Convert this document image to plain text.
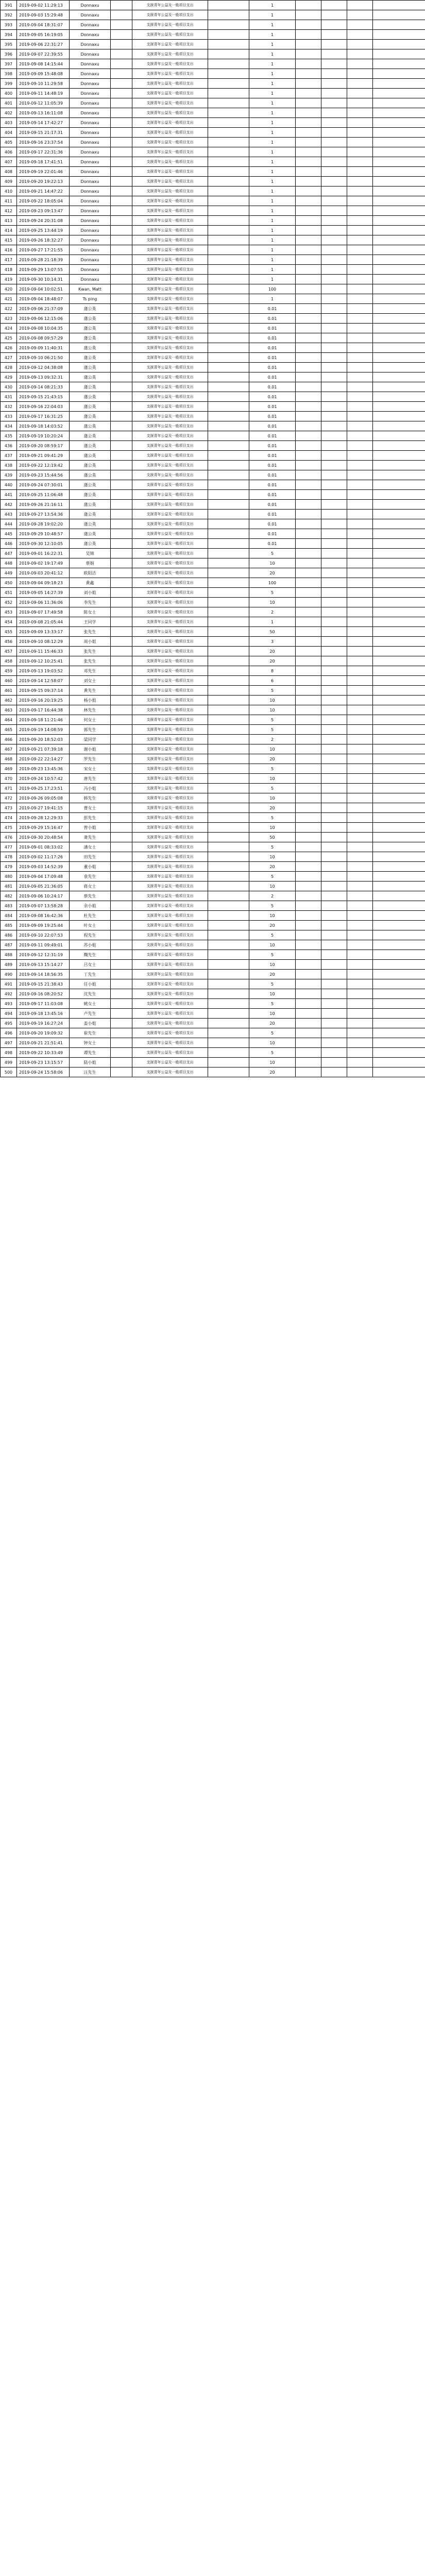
391	2019-09-02 11:29:13	Donnaxu		支援青年公益及一般项目支出		1				
392	2019-09-03 15:29:48	Donnaxu		支援青年公益及一般项目支出		1				
393	2019-09-04 18:31:07	Donnaxu		支援青年公益及一般项目支出		1				
394	2019-09-05 16:19:05	Donnaxu		支援青年公益及一般项目支出		1				
395	2019-09-06 22:31:27	Donnaxu		支援青年公益及一般项目支出		1				
396	2019-09-07 22:39:55	Donnaxu		支援青年公益及一般项目支出		1				
397	2019-09-08 14:15:44	Donnaxu		支援青年公益及一般项目支出		1				
398	2019-09-09 15:48:08	Donnaxu		支援青年公益及一般项目支出		1				
399	2019-09-10 11:29:58	Donnaxu		支援青年公益及一般项目支出		1				
400	2019-09-11 14:48:19	Donnaxu		支援青年公益及一般项目支出		1				
401	2019-09-12 11:05:39	Donnaxu		支援青年公益及一般项目支出		1				
402	2019-09-13 16:11:08	Donnaxu		支援青年公益及一般项目支出		1				
403	2019-09-14 17:42:27	Donnaxu		支援青年公益及一般项目支出		1				
404	2019-09-15 21:17:31	Donnaxu		支援青年公益及一般项目支出		1				
405	2019-09-16 23:37:54	Donnaxu		支援青年公益及一般项目支出		1				
406	2019-09-17 22:31:36	Donnaxu		支援青年公益及一般项目支出		1				
407	2019-09-18 17:41:51	Donnaxu		支援青年公益及一般项目支出		1				
408	2019-09-19 22:01:46	Donnaxu		支援青年公益及一般项目支出		1				
409	2019-09-20 19:22:13	Donnaxu		支援青年公益及一般项目支出		1				
410	2019-09-21 14:47:22	Donnaxu		支援青年公益及一般项目支出		1				
411	2019-09-22 18:05:04	Donnaxu		支援青年公益及一般项目支出		1				
412	2019-09-23 09:13:47	Donnaxu		支援青年公益及一般项目支出		1				
413	2019-09-24 20:31:08	Donnaxu		支援青年公益及一般项目支出		1				
414	2019-09-25 13:44:19	Donnaxu		支援青年公益及一般项目支出		1				
415	2019-09-26 18:32:27	Donnaxu		支援青年公益及一般项目支出		1				
416	2019-09-27 17:21:55	Donnaxu		支援青年公益及一般项目支出		1				
417	2019-09-28 21:18:39	Donnaxu		支援青年公益及一般项目支出		1				
418	2019-09-29 13:07:55	Donnaxu		支援青年公益及一般项目支出		1				
419	2019-09-30 10:14:31	Donnaxu		支援青年公益及一般项目支出		1				
420	2019-09-04 10:02:51	Kwan, Matt		支援青年公益及一般项目支出		100				
421	2019-09-04 18:48:07	Ts ping		支援青年公益及一般项目支出		1				
422	2019-09-06 21:37:09	蒲公英		支援青年公益及一般项目支出		0.01				
423	2019-09-06 12:15:06	蒲公英		支援青年公益及一般项目支出		0.01				
424	2019-09-08 10:04:35	蒲公英		支援青年公益及一般项目支出		0.01				
425	2019-09-08 09:57:29	蒲公英		支援青年公益及一般项目支出		0.01				
426	2019-09-09 11:40:31	蒲公英		支援青年公益及一般项目支出		0.01				
427	2019-09-10 06:21:50	蒲公英		支援青年公益及一般项目支出		0.01				
428	2019-09-12 04:38:08	蒲公英		支援青年公益及一般项目支出		0.01				
429	2019-09-13 09:32:31	蒲公英		支援青年公益及一般项目支出		0.01				
430	2019-09-14 08:21:33	蒲公英		支援青年公益及一般项目支出		0.01				
431	2019-09-15 21:43:15	蒲公英		支援青年公益及一般项目支出		0.01				
432	2019-09-16 22:04:03	蒲公英		支援青年公益及一般项目支出		0.01				
433	2019-09-17 16:31:25	蒲公英		支援青年公益及一般项目支出		0.01				
434	2019-09-18 14:03:52	蒲公英		支援青年公益及一般项目支出		0.01				
435	2019-09-19 10:20:24	蒲公英		支援青年公益及一般项目支出		0.01				
436	2019-09-20 08:59:17	蒲公英		支援青年公益及一般项目支出		0.01				
437	2019-09-21 09:41:29	蒲公英		支援青年公益及一般项目支出		0.01				
438	2019-09-22 12:19:42	蒲公英		支援青年公益及一般项目支出		0.01				
439	2019-09-23 15:44:56	蒲公英		支援青年公益及一般项目支出		0.01				
440	2019-09-24 07:30:01	蒲公英		支援青年公益及一般项目支出		0.01				
441	2019-09-25 11:06:48	蒲公英		支援青年公益及一般项目支出		0.01				
442	2019-09-26 21:16:11	蒲公英		支援青年公益及一般项目支出		0.01				
443	2019-09-27 13:54:36	蒲公英		支援青年公益及一般项目支出		0.01				
444	2019-09-28 19:02:20	蒲公英		支援青年公益及一般项目支出		0.01				
445	2019-09-29 10:48:57	蒲公英		支援青年公益及一般项目支出		0.01				
446	2019-09-30 12:10:05	蒲公英		支援青年公益及一般项目支出		0.01				
447	2019-09-01 16:22:31	吴锦		支援青年公益及一般项目支出		5				
448	2019-09-02 19:17:49	蔡娟		支援青年公益及一般项目支出		10				
449	2019-09-03 20:41:12	欧阳洁		支援青年公益及一般项目支出		20				
450	2019-09-04 09:18:23	黄鑫		支援青年公益及一般项目支出		100				
451	2019-09-05 14:27:39	刘小姐		支援青年公益及一般项目支出		5				
452	2019-09-06 11:36:06	李先生		支援青年公益及一般项目支出		10				
453	2019-09-07 17:49:58	陈女士		支援青年公益及一般项目支出		2				
454	2019-09-08 21:05:44	王同学		支援青年公益及一般项目支出		1				
455	2019-09-09 13:33:17	张先生		支援青年公益及一般项目支出		50				
456	2019-09-10 08:12:29	周小姐		支援青年公益及一般项目支出		3				
457	2019-09-11 15:46:33	张先生		支援青年公益及一般项目支出		20				
458	2019-09-12 10:25:41	张先生		支援青年公益及一般项目支出		20				
459	2019-09-13 19:03:52	邓先生		支援青年公益及一般项目支出		8				
460	2019-09-14 12:58:07	刘女士		支援青年公益及一般项目支出		6				
461	2019-09-15 09:37:14	黄先生		支援青年公益及一般项目支出		5				
462	2019-09-16 20:19:25	杨小姐		支援青年公益及一般项目支出		10				
463	2019-09-17 16:44:38	林先生		支援青年公益及一般项目支出		10				
464	2019-09-18 11:21:46	何女士		支援青年公益及一般项目支出		5				
465	2019-09-19 14:08:59	郭先生		支援青年公益及一般项目支出		5				
466	2019-09-20 18:52:03	梁同学		支援青年公益及一般项目支出		2				
467	2019-09-21 07:39:18	谢小姐		支援青年公益及一般项目支出		10				
468	2019-09-22 22:14:27	罗先生		支援青年公益及一般项目支出		20				
469	2019-09-23 13:45:36	宋女士		支援青年公益及一般项目支出		5				
470	2019-09-24 10:57:42	唐先生		支援青年公益及一般项目支出		10				
471	2019-09-25 17:23:51	冯小姐		支援青年公益及一般项目支出		5				
472	2019-09-26 09:05:08	韩先生		支援青年公益及一般项目支出		10				
473	2019-09-27 19:41:15	曹女士		支援青年公益及一般项目支出		20				
474	2019-09-28 12:29:33	彭先生		支援青年公益及一般项目支出		5				
475	2019-09-29 15:16:47	曾小姐		支援青年公益及一般项目支出		10				
476	2019-09-30 20:48:54	萧先生		支援青年公益及一般项目支出		50				
477	2019-09-01 08:33:02	潘女士		支援青年公益及一般项目支出		5				
478	2019-09-02 11:17:26	田先生		支援青年公益及一般项目支出		10				
479	2019-09-03 14:52:39	董小姐		支援青年公益及一般项目支出		20				
480	2019-09-04 17:09:48	袁先生		支援青年公益及一般项目支出		5				
481	2019-09-05 21:36:05	蒋女士		支援青年公益及一般项目支出		10				
482	2019-09-06 10:24:17	蔡先生		支援青年公益及一般项目支出		2				
483	2019-09-07 13:58:28	余小姐		支援青年公益及一般项目支出		5				
484	2019-09-08 16:42:36	杜先生		支援青年公益及一般项目支出		10				
485	2019-09-09 19:25:44	叶女士		支援青年公益及一般项目支出		20				
486	2019-09-10 22:07:53	程先生		支援青年公益及一般项目支出		5				
487	2019-09-11 09:49:01	苏小姐		支援青年公益及一般项目支出		10				
488	2019-09-12 12:31:19	魏先生		支援青年公益及一般项目支出		5				
489	2019-09-13 15:14:27	吕女士		支援青年公益及一般项目支出		10				
490	2019-09-14 18:56:35	丁先生		支援青年公益及一般项目支出		20				
491	2019-09-15 21:38:43	任小姐		支援青年公益及一般项目支出		5				
492	2019-09-16 08:20:52	沈先生		支援青年公益及一般项目支出		10				
493	2019-09-17 11:03:08	姚女士		支援青年公益及一般项目支出		5				
494	2019-09-18 13:45:16	卢先生		支援青年公益及一般项目支出		10				
495	2019-09-19 16:27:24	姜小姐		支援青年公益及一般项目支出		20				
496	2019-09-20 19:09:32	崔先生		支援青年公益及一般项目支出		5				
497	2019-09-21 21:51:41	钟女士		支援青年公益及一般项目支出		10				
498	2019-09-22 10:33:49	谭先生		支援青年公益及一般项目支出		5				
499	2019-09-23 13:15:57	陆小姐		支援青年公益及一般项目支出		10				
500	2019-09-24 15:58:06	汪先生		支援青年公益及一般项目支出		20				
